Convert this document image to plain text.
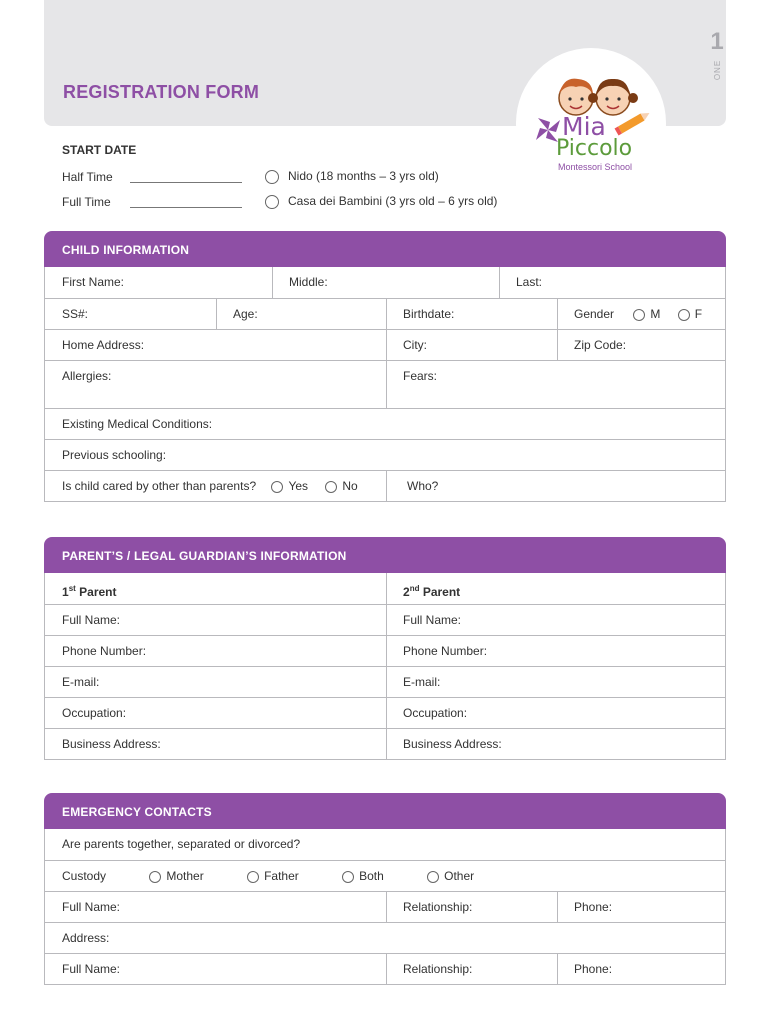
1
ONE
REGISTRATION FORM
Mia
Piccolo
Montessori School
START DATE
Half Time
Full Time
Nido (18 months – 3 yrs old)
Casa dei Bambini (3 yrs old – 6 yrs old)
CHILD INFORMATION
First Name:	Middle:	Last:
SS#:	Age:	Birthdate:	Gender	M	F
Home Address:	City:	Zip Code:
Allergies:	Fears:
Existing Medical Conditions:
Previous schooling:
Is child cared by other than parents?	Yes	No	Who?
PARENT’S / LEGAL GUARDIAN’S INFORMATION
1st Parent	2nd Parent
Full Name:	Full Name:
Phone Number:	Phone Number:
E-mail:	E-mail:
Occupation:	Occupation:
Business Address:	Business Address:
EMERGENCY CONTACTS
Are parents together, separated or divorced?
Custody	Mother	Father	Both	Other
Full Name:	Relationship:	Phone:
Address:
Full Name:	Relationship:	Phone:
